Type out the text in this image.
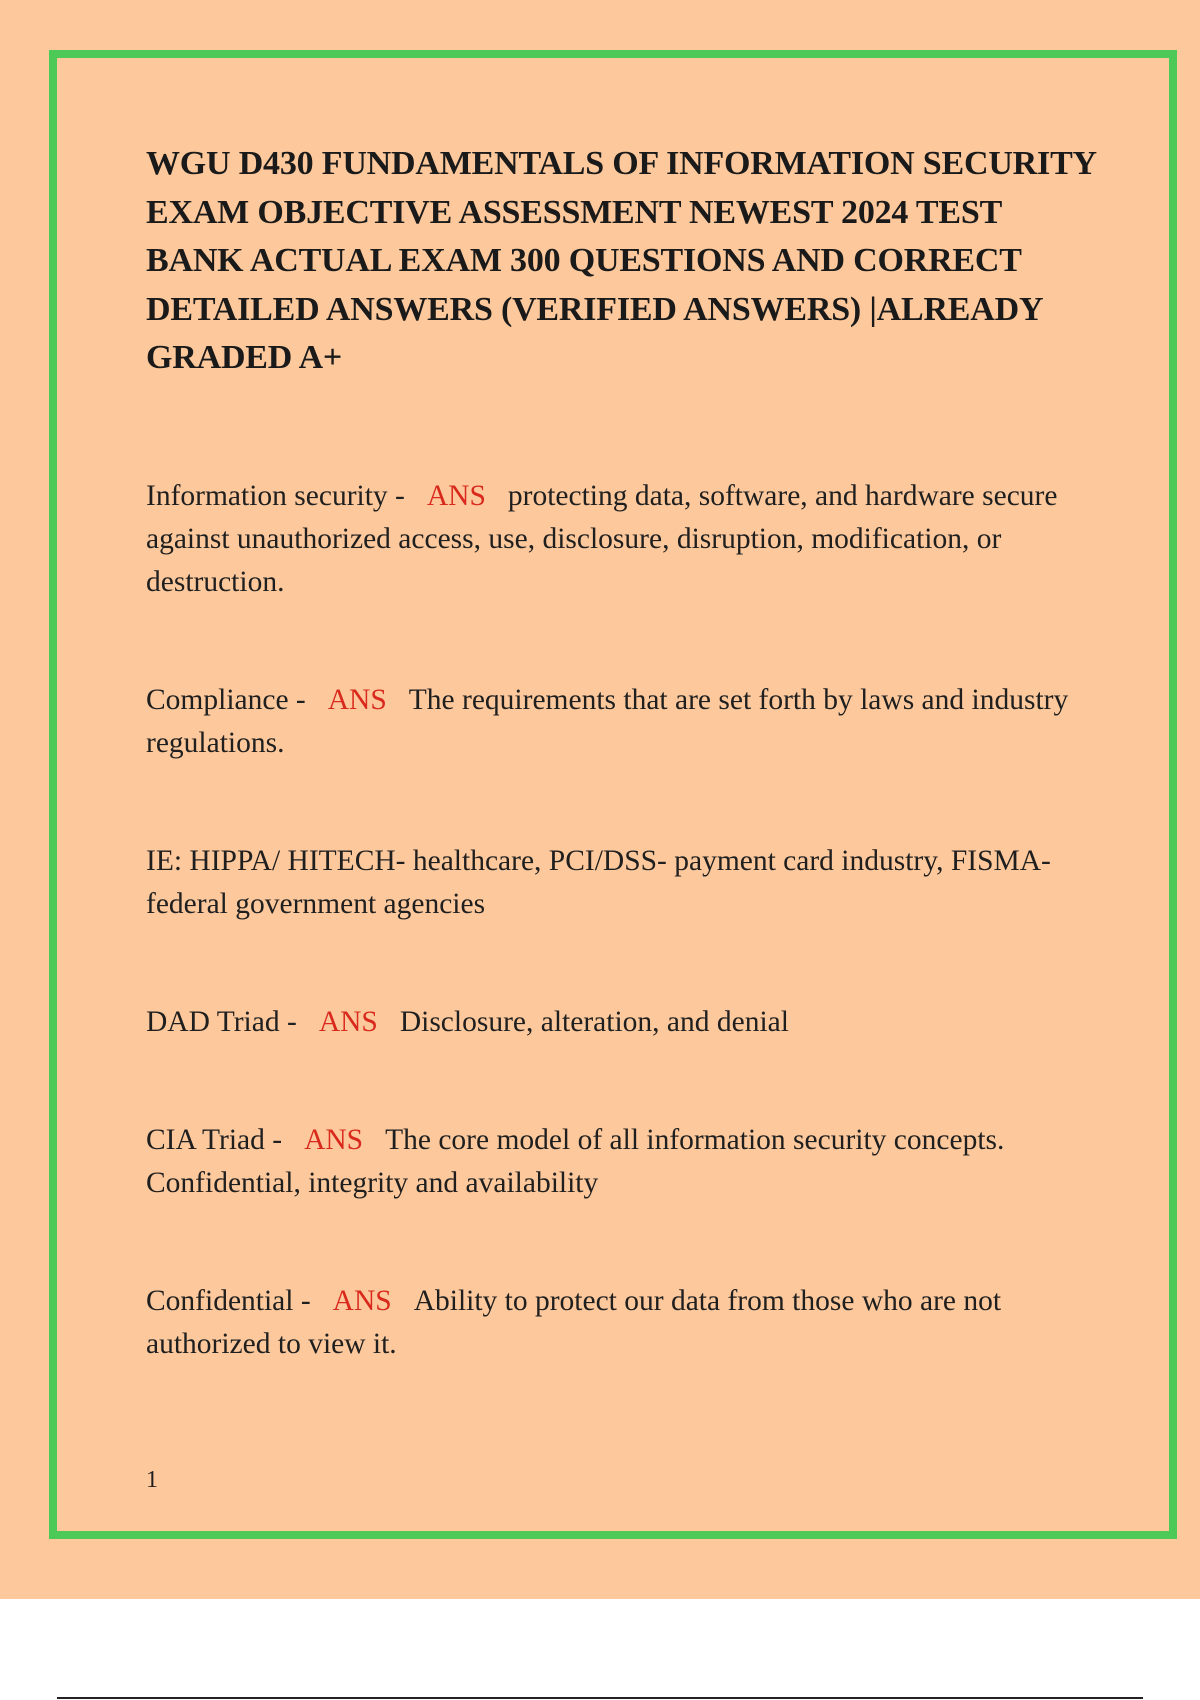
WGU D430 FUNDAMENTALS OF INFORMATION SECURITY EXAM OBJECTIVE ASSESSMENT NEWEST 2024 TEST BANK ACTUAL EXAM 300 QUESTIONS AND CORRECT DETAILED ANSWERS (VERIFIED ANSWERS) |ALREADY GRADED A+

Information security - ANS protecting data, software, and hardware secure against unauthorized access, use, disclosure, disruption, modification, or destruction.

Compliance - ANS The requirements that are set forth by laws and industry regulations.

IE: HIPPA/ HITECH- healthcare, PCI/DSS- payment card industry, FISMA- federal government agencies

DAD Triad - ANS Disclosure, alteration, and denial

CIA Triad - ANS The core model of all information security concepts. Confidential, integrity and availability

Confidential - ANS Ability to protect our data from those who are not authorized to view it.

1
